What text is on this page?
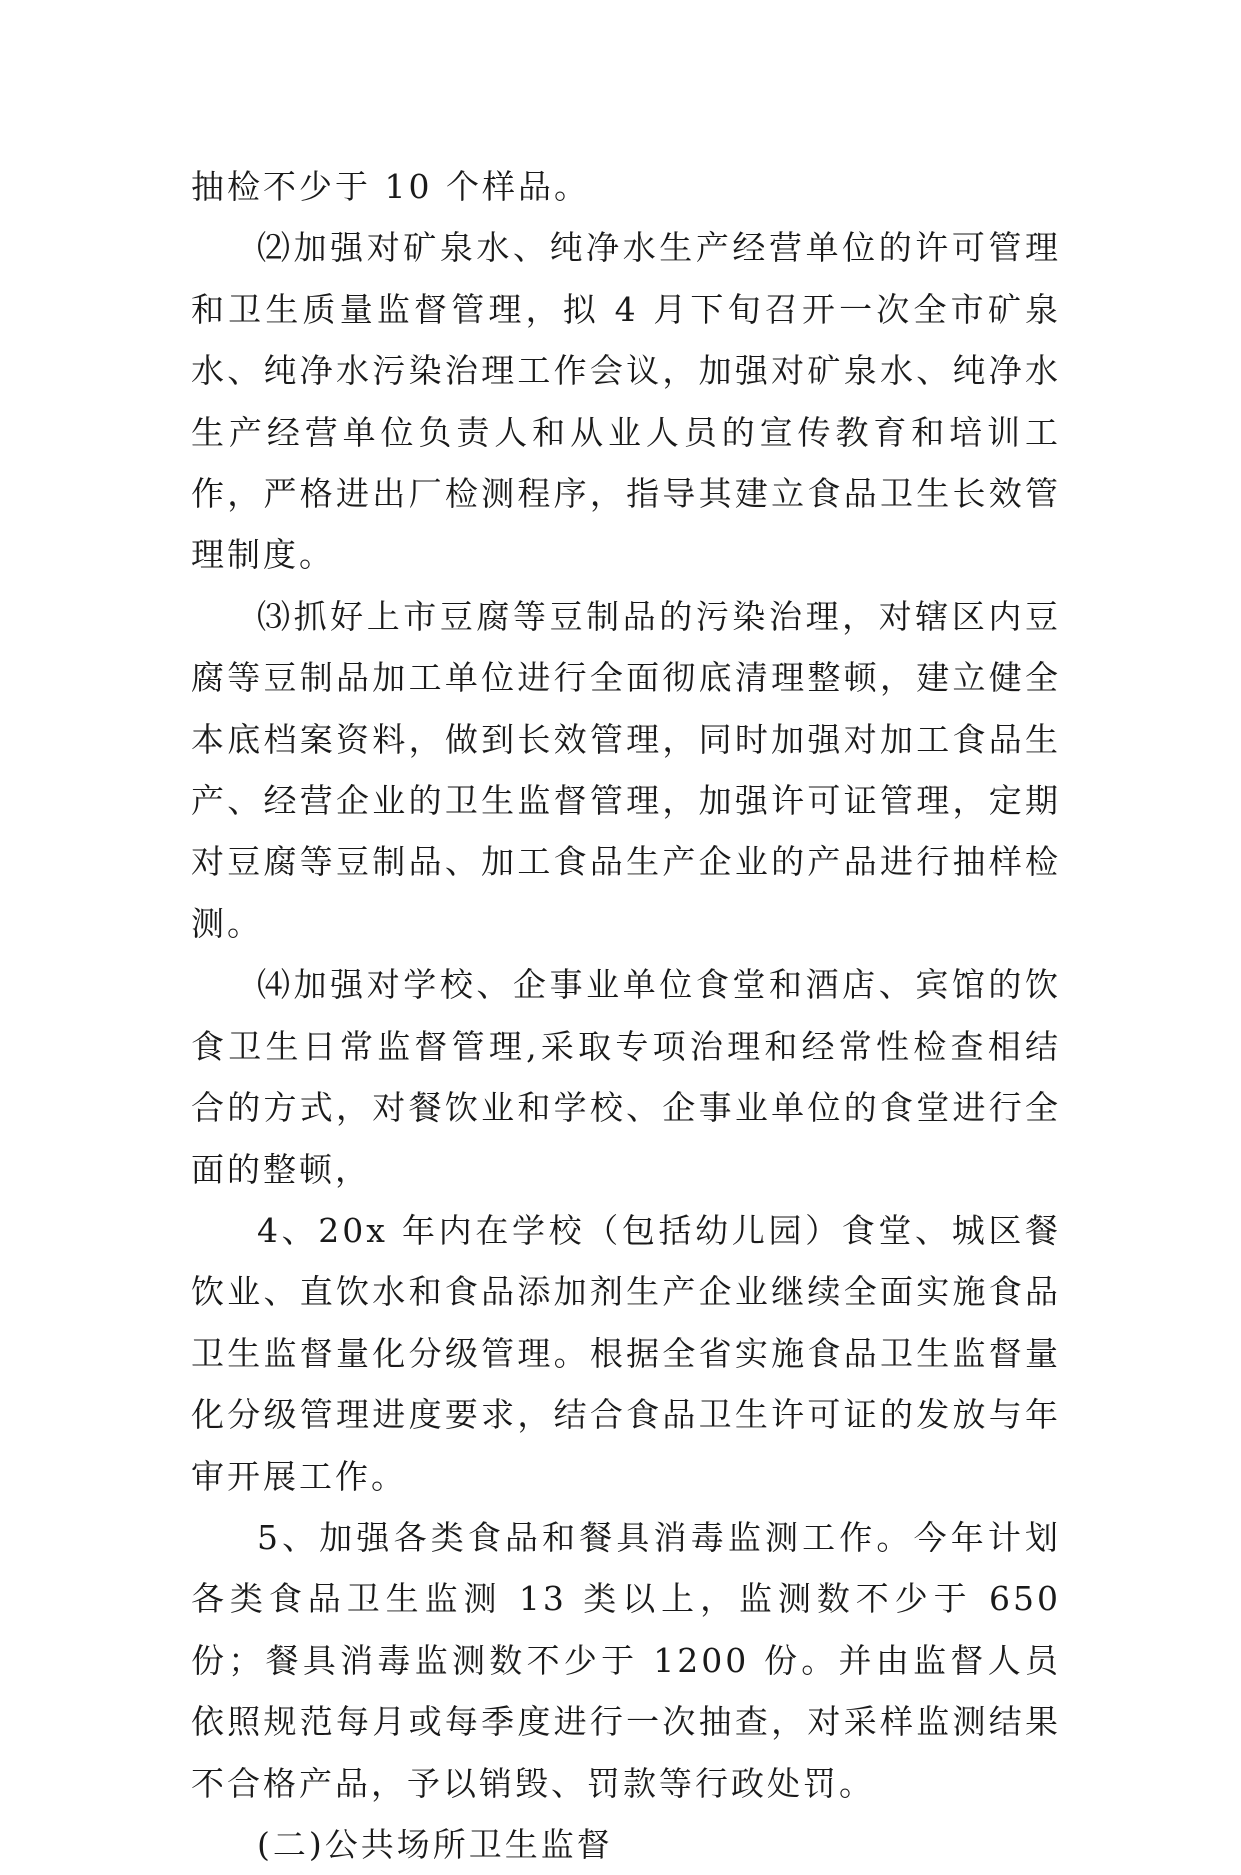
抽检不少于 10 个样品。

⑵加强对矿泉水、纯净水生产经营单位的许可管理和卫生质量监督管理，拟 4 月下旬召开一次全市矿泉水、纯净水污染治理工作会议，加强对矿泉水、纯净水生产经营单位负责人和从业人员的宣传教育和培训工作，严格进出厂检测程序，指导其建立食品卫生长效管理制度。

⑶抓好上市豆腐等豆制品的污染治理，对辖区内豆腐等豆制品加工单位进行全面彻底清理整顿，建立健全本底档案资料，做到长效管理，同时加强对加工食品生产、经营企业的卫生监督管理，加强许可证管理，定期对豆腐等豆制品、加工食品生产企业的产品进行抽样检测。

⑷加强对学校、企事业单位食堂和酒店、宾馆的饮食卫生日常监督管理,采取专项治理和经常性检查相结合的方式，对餐饮业和学校、企事业单位的食堂进行全面的整顿，

4、20x 年内在学校（包括幼儿园）食堂、城区餐饮业、直饮水和食品添加剂生产企业继续全面实施食品卫生监督量化分级管理。根据全省实施食品卫生监督量化分级管理进度要求，结合食品卫生许可证的发放与年审开展工作。

5、加强各类食品和餐具消毒监测工作。今年计划各类食品卫生监测 13 类以上，监测数不少于 650 份；餐具消毒监测数不少于 1200 份。并由监督人员依照规范每月或每季度进行一次抽查，对采样监测结果不合格产品，予以销毁、罚款等行政处罚。

(二)公共场所卫生监督
